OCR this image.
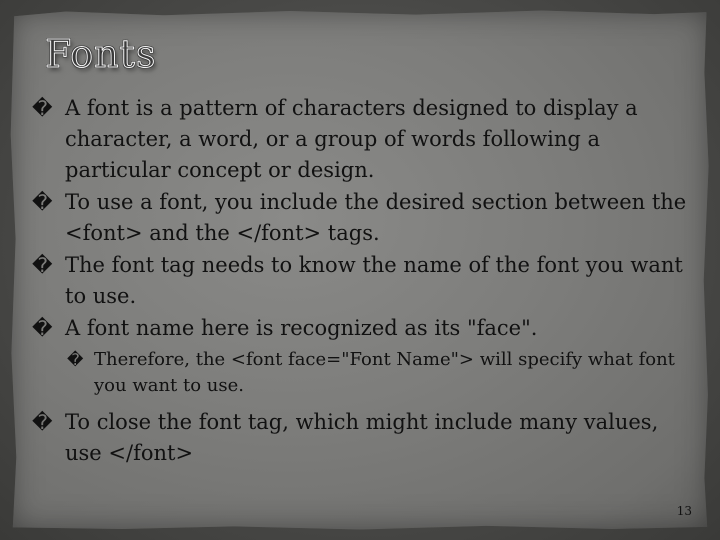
Fonts
� A font is a pattern of characters designed to display a character, a word, or a group of words following a particular concept or design.
� To use a font, you include the desired section between the <font> and the </font> tags.
� The font tag needs to know the name of the font you want to use.
� A font name here is recognized as its "face".
� Therefore, the <font face="Font Name"> will specify what font you want to use.
� To close the font tag, which might include many values, use </font>
13
